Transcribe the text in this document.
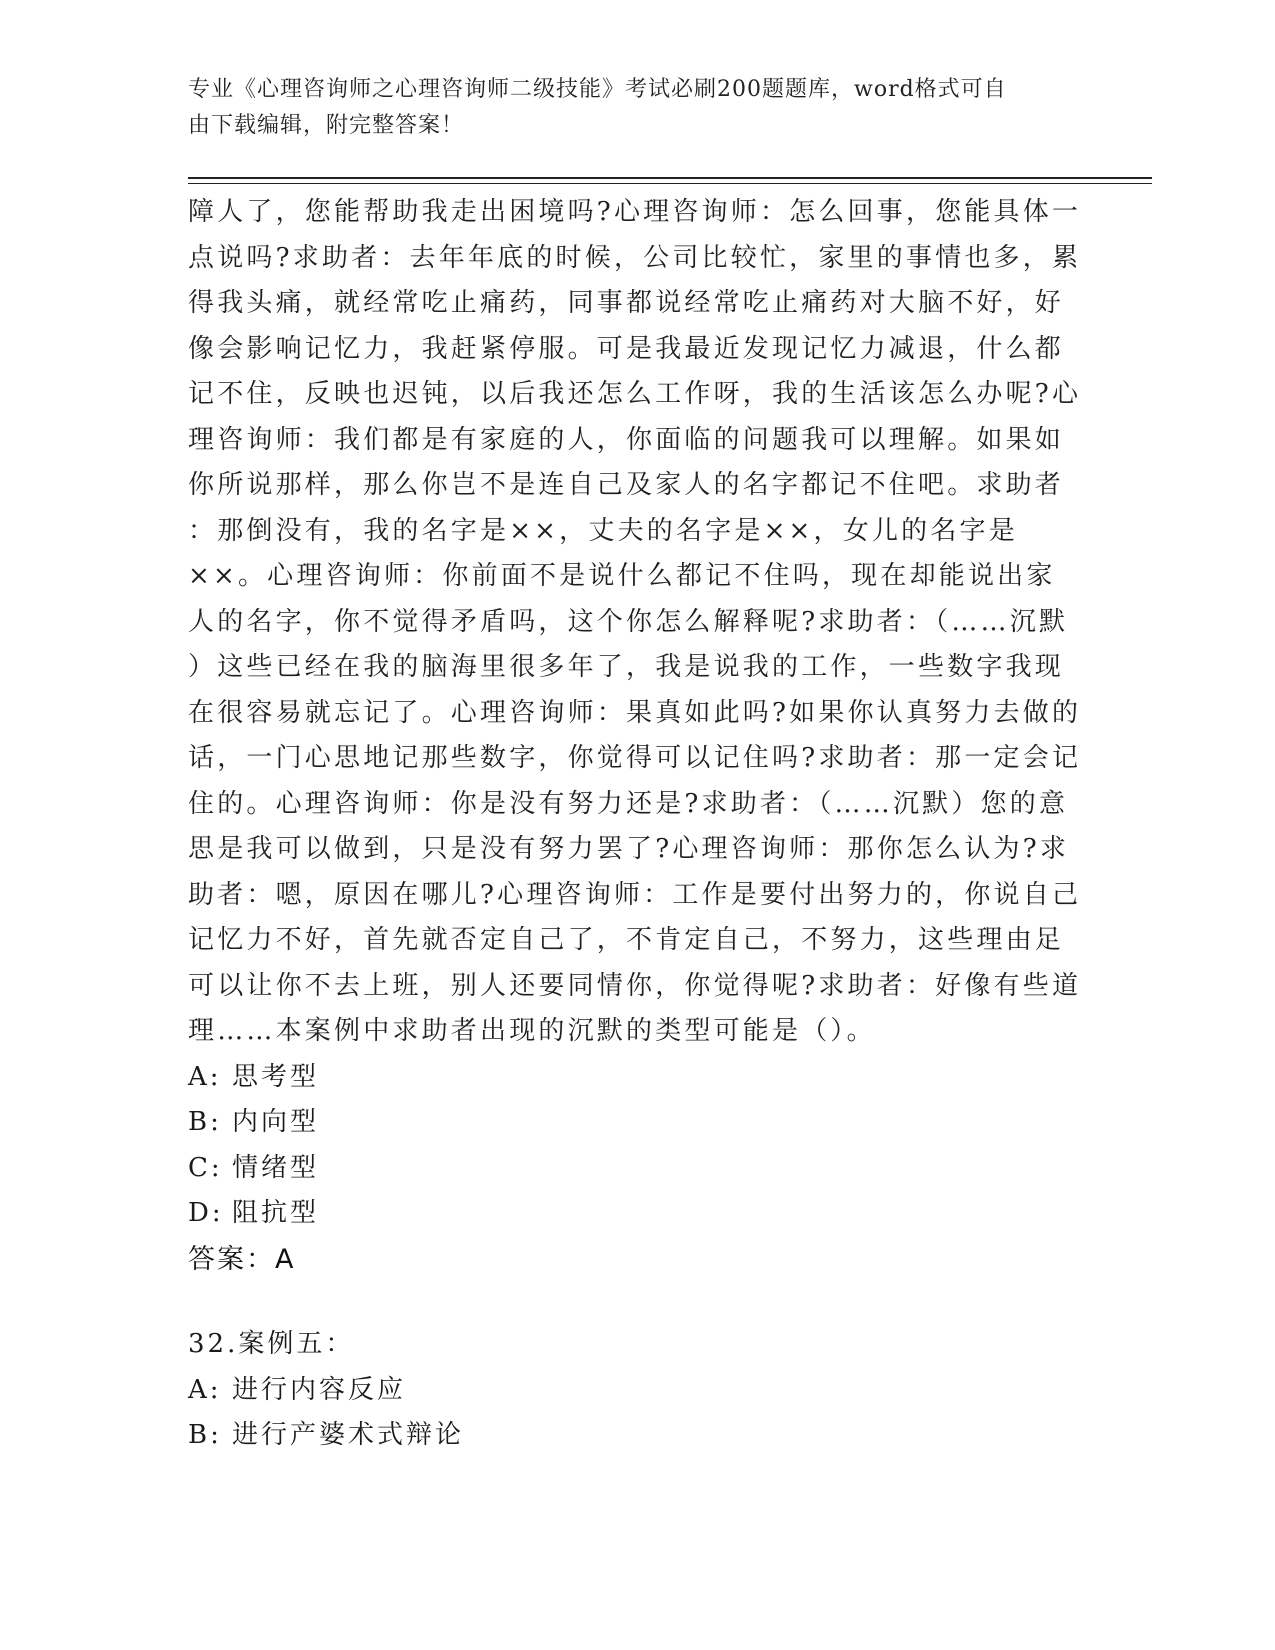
专业《心理咨询师之心理咨询师二级技能》考试必刷200题题库，word格式可自
由下载编辑，附完整答案！
障人了，您能帮助我走出困境吗?心理咨询师：怎么回事，您能具体一
点说吗?求助者：去年年底的时候，公司比较忙，家里的事情也多，累
得我头痛，就经常吃止痛药，同事都说经常吃止痛药对大脑不好，好
像会影响记忆力，我赶紧停服。可是我最近发现记忆力减退，什么都
记不住，反映也迟钝，以后我还怎么工作呀，我的生活该怎么办呢?心
理咨询师：我们都是有家庭的人，你面临的问题我可以理解。如果如
你所说那样，那么你岂不是连自己及家人的名字都记不住吧。求助者
：那倒没有，我的名字是××，丈夫的名字是××，女儿的名字是
××。心理咨询师：你前面不是说什么都记不住吗，现在却能说出家
人的名字，你不觉得矛盾吗，这个你怎么解释呢?求助者：（……沉默
）这些已经在我的脑海里很多年了，我是说我的工作，一些数字我现
在很容易就忘记了。心理咨询师：果真如此吗?如果你认真努力去做的
话，一门心思地记那些数字，你觉得可以记住吗?求助者：那一定会记
住的。心理咨询师：你是没有努力还是?求助者：（……沉默）您的意
思是我可以做到，只是没有努力罢了?心理咨询师：那你怎么认为?求
助者：嗯，原因在哪儿?心理咨询师：工作是要付出努力的，你说自己
记忆力不好，首先就否定自己了，不肯定自己，不努力，这些理由足
可以让你不去上班，别人还要同情你，你觉得呢?求助者：好像有些道
理……本案例中求助者出现的沉默的类型可能是（）。
A: 思考型
B: 内向型
C: 情绪型
D: 阻抗型
答案：A
32.案例五：
A: 进行内容反应
B: 进行产婆术式辩论
